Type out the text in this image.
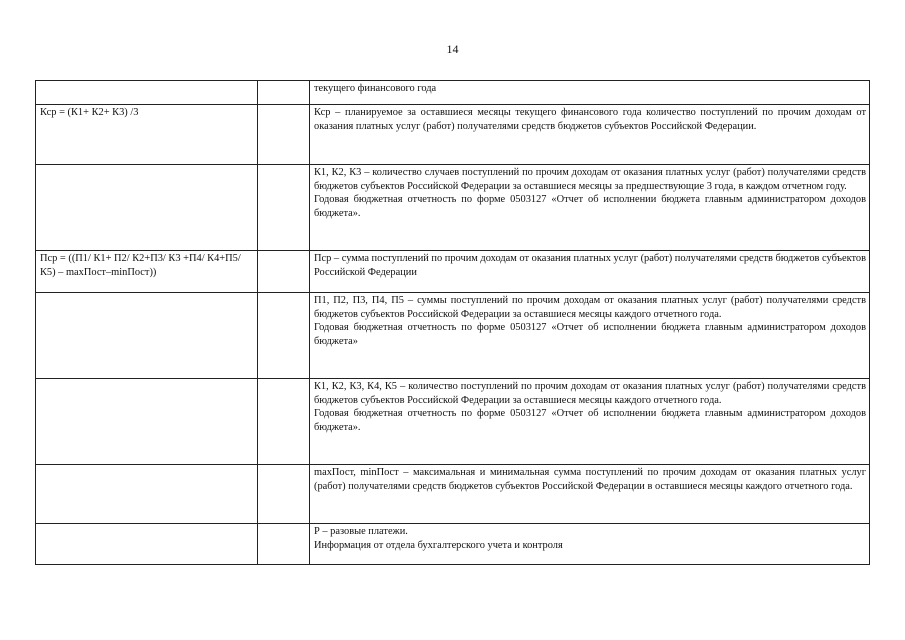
14

		текущего финансового года

Кср = (К1+ К2+ К3) /3		Кср – планируемое за оставшиеся месяцы текущего финансового года количество поступлений по прочим доходам от оказания платных услуг (работ) получателями средств бюджетов субъектов Российской Федерации.

		К1, К2, К3 – количество случаев поступлений по прочим доходам от оказания платных услуг (работ) получателями средств бюджетов субъектов Российской Федерации за оставшиеся месяцы за предшествующие 3 года, в каждом отчетном году.
Годовая бюджетная отчетность по форме 0503127 «Отчет об исполнении бюджета главным администратором доходов бюджета».

Пср = ((П1/ К1+ П2/ К2+П3/ К3 +П4/ К4+П5/ К5) – maxПост–minПост))		Пср – сумма поступлений по прочим доходам от оказания платных услуг (работ) получателями средств бюджетов субъектов Российской Федерации

		П1, П2, П3, П4, П5 – суммы поступлений по прочим доходам от оказания платных услуг (работ) получателями средств бюджетов субъектов Российской Федерации за оставшиеся месяцы каждого отчетного года.
Годовая бюджетная отчетность по форме 0503127 «Отчет об исполнении бюджета главным администратором доходов бюджета»

		К1, К2, К3, К4, К5 – количество поступлений по прочим доходам от оказания платных услуг (работ) получателями средств бюджетов субъектов Российской Федерации за оставшиеся месяцы каждого отчетного года.
Годовая бюджетная отчетность по форме 0503127 «Отчет об исполнении бюджета главным администратором доходов бюджета».

		maxПост, minПост – максимальная и минимальная сумма поступлений по прочим доходам от оказания платных услуг (работ) получателями средств бюджетов субъектов Российской Федерации в оставшиеся месяцы каждого отчетного года.

		Р – разовые платежи.
Информация от отдела бухгалтерского учета и контроля
